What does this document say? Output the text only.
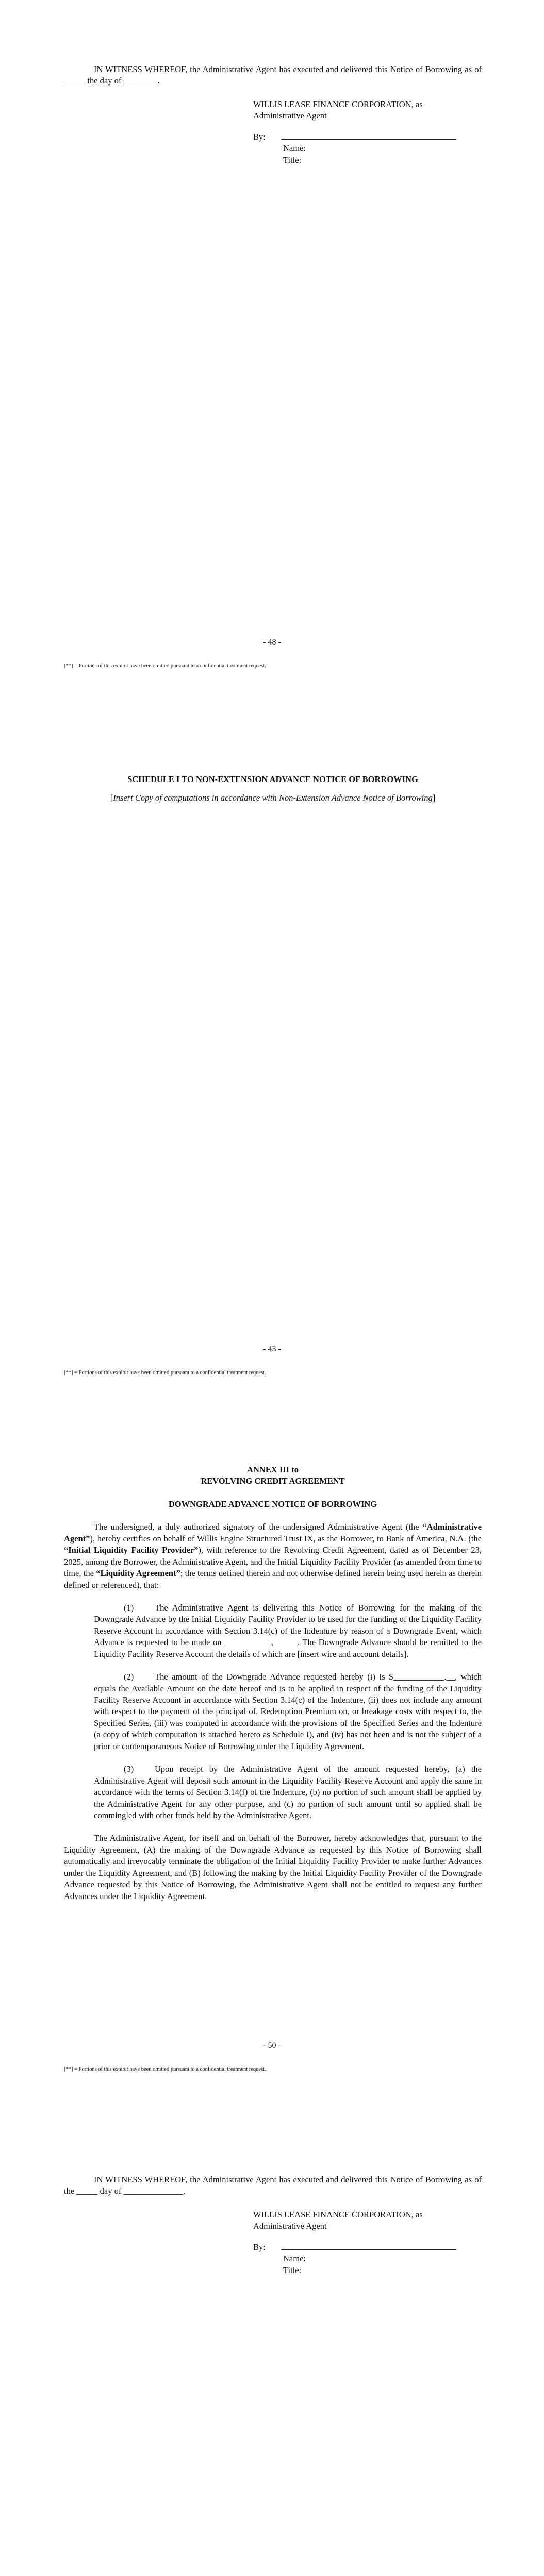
IN WITNESS WHEREOF, the Administrative Agent has executed and delivered this Notice of Borrowing as of _____ the day of ________.

WILLIS LEASE FINANCE CORPORATION, as Administrative Agent

By:

Name:

Title:

- 48 -
[**] = Portions of this exhibit have been omitted pursuant to a confidential treatment request.

SCHEDULE I TO NON-EXTENSION ADVANCE NOTICE OF BORROWING

[Insert Copy of computations in accordance with Non-Extension Advance Notice of Borrowing]

- 43 -
[**] = Portions of this exhibit have been omitted pursuant to a confidential treatment request.

ANNEX III to

REVOLVING CREDIT AGREEMENT

DOWNGRADE ADVANCE NOTICE OF BORROWING

The undersigned, a duly authorized signatory of the undersigned Administrative Agent (the “Administrative Agent”), hereby certifies on behalf of Willis Engine Structured Trust IX, as the Borrower, to Bank of America, N.A. (the “Initial Liquidity Facility Provider”), with reference to the Revolving Credit Agreement, dated as of December 23, 2025, among the Borrower, the Administrative Agent, and the Initial Liquidity Facility Provider (as amended from time to time, the “Liquidity Agreement”; the terms defined therein and not otherwise defined herein being used herein as therein defined or referenced), that:

(1) The Administrative Agent is delivering this Notice of Borrowing for the making of the Downgrade Advance by the Initial Liquidity Facility Provider to be used for the funding of the Liquidity Facility Reserve Account in accordance with Section 3.14(c) of the Indenture by reason of a Downgrade Event, which Advance is requested to be made on ___________, _____. The Downgrade Advance should be remitted to the Liquidity Facility Reserve Account the details of which are [insert wire and account details].

(2) The amount of the Downgrade Advance requested hereby (i) is $____________.__, which equals the Available Amount on the date hereof and is to be applied in respect of the funding of the Liquidity Facility Reserve Account in accordance with Section 3.14(c) of the Indenture, (ii) does not include any amount with respect to the payment of the principal of, Redemption Premium on, or breakage costs with respect to, the Specified Series, (iii) was computed in accordance with the provisions of the Specified Series and the Indenture (a copy of which computation is attached hereto as Schedule I), and (iv) has not been and is not the subject of a prior or contemporaneous Notice of Borrowing under the Liquidity Agreement.

(3) Upon receipt by the Administrative Agent of the amount requested hereby, (a) the Administrative Agent will deposit such amount in the Liquidity Facility Reserve Account and apply the same in accordance with the terms of Section 3.14(f) of the Indenture, (b) no portion of such amount shall be applied by the Administrative Agent for any other purpose, and (c) no portion of such amount until so applied shall be commingled with other funds held by the Administrative Agent.

The Administrative Agent, for itself and on behalf of the Borrower, hereby acknowledges that, pursuant to the Liquidity Agreement, (A) the making of the Downgrade Advance as requested by this Notice of Borrowing shall automatically and irrevocably terminate the obligation of the Initial Liquidity Facility Provider to make further Advances under the Liquidity Agreement, and (B) following the making by the Initial Liquidity Facility Provider of the Downgrade Advance requested by this Notice of Borrowing, the Administrative Agent shall not be entitled to request any further Advances under the Liquidity Agreement.

- 50 -
[**] = Portions of this exhibit have been omitted pursuant to a confidential treatment request.

IN WITNESS WHEREOF, the Administrative Agent has executed and delivered this Notice of Borrowing as of the _____ day of ______________.

WILLIS LEASE FINANCE CORPORATION, as Administrative Agent

By:

Name:

Title:
